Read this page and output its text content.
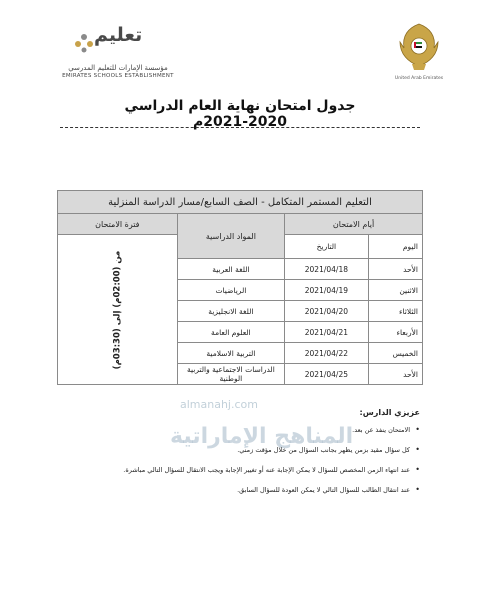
تعليم
مؤسسة الإمارات للتعليم المدرسي
EMIRATES SCHOOLS ESTABLISHMENT	United Arab Emirates
جدول امتحان نهاية العام الدراسي 2020-2021م
التعليم المستمر المتكامل - الصف السابع/مسار الدراسة المنزلية			
أيام الامتحان		المواد الدراسية	فترة الامتحان
اليوم	التاريخ		من (02:00م) إلى (03:30م)
الأحد	2021/04/18	اللغة العربية	
الاثنين	2021/04/19	الرياضيات	
الثلاثاء	2021/04/20	اللغة الانجليزية	
الأربعاء	2021/04/21	العلوم العامة	
الخميس	2021/04/22	التربية الاسلامية	
الأحد	2021/04/25	الدراسات الاجتماعية والتربية الوطنية	
almanahj.com
المناهج الإماراتية
عزيزي الدارس:
• الامتحان ينفذ عن بعد.
• كل سؤال مقيد بزمن يظهر بجانب السؤال من خلال مؤقت زمني.
• عند انتهاء الزمن المخصص للسؤال لا يمكن الإجابة عنه أو تغيير الإجابة ويجب الانتقال للسؤال التالي مباشرة.
• عند انتقال الطالب للسؤال التالي لا يمكن العودة للسؤال السابق.
